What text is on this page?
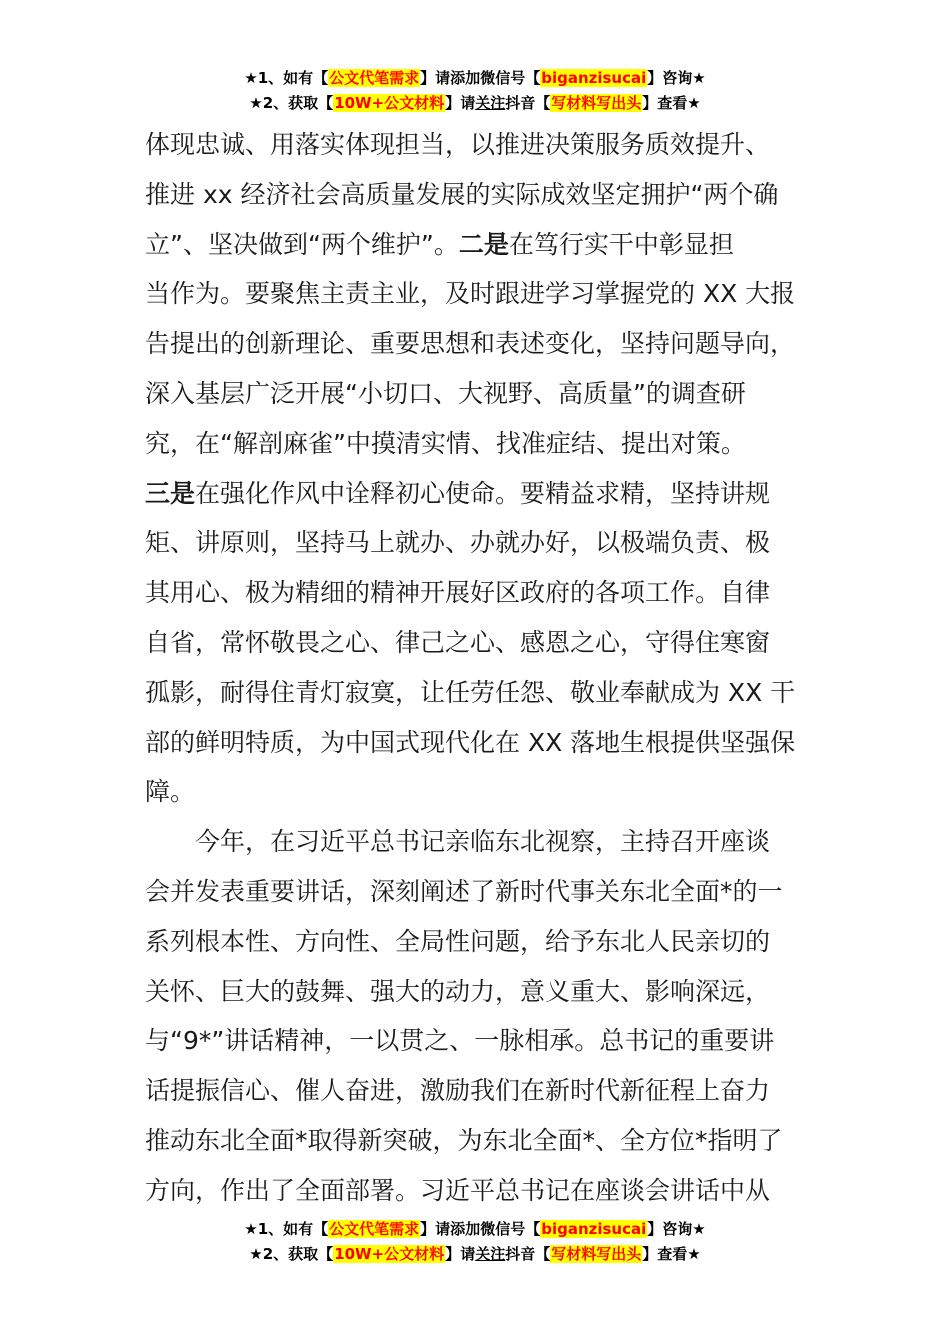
★1、如有【公文代笔需求】请添加微信号【biganzisucai】咨询★
★2、获取【10W+公文材料】请关注抖音【写材料写出头】查看★
体现忠诚、用落实体现担当，以推进决策服务质效提升、
推进 xx 经济社会高质量发展的实际成效坚定拥护“两个确
立”、坚决做到“两个维护”。二是在笃行实干中彰显担
当作为。要聚焦主责主业，及时跟进学习掌握党的 XX 大报
告提出的创新理论、重要思想和表述变化，坚持问题导向，
深入基层广泛开展“小切口、大视野、高质量”的调查研
究，在“解剖麻雀”中摸清实情、找准症结、提出对策。
三是在强化作风中诠释初心使命。要精益求精，坚持讲规
矩、讲原则，坚持马上就办、办就办好，以极端负责、极
其用心、极为精细的精神开展好区政府的各项工作。自律
自省，常怀敬畏之心、律己之心、感恩之心，守得住寒窗
孤影，耐得住青灯寂寞，让任劳任怨、敬业奉献成为 XX 干
部的鲜明特质，为中国式现代化在 XX 落地生根提供坚强保
障。
今年，在习近平总书记亲临东北视察，主持召开座谈
会并发表重要讲话，深刻阐述了新时代事关东北全面*的一
系列根本性、方向性、全局性问题，给予东北人民亲切的
关怀、巨大的鼓舞、强大的动力，意义重大、影响深远，
与“9*”讲话精神，一以贯之、一脉相承。总书记的重要讲
话提振信心、催人奋进，激励我们在新时代新征程上奋力
推动东北全面*取得新突破，为东北全面*、全方位*指明了
方向，作出了全面部署。习近平总书记在座谈会讲话中从
★1、如有【公文代笔需求】请添加微信号【biganzisucai】咨询★
★2、获取【10W+公文材料】请关注抖音【写材料写出头】查看★
